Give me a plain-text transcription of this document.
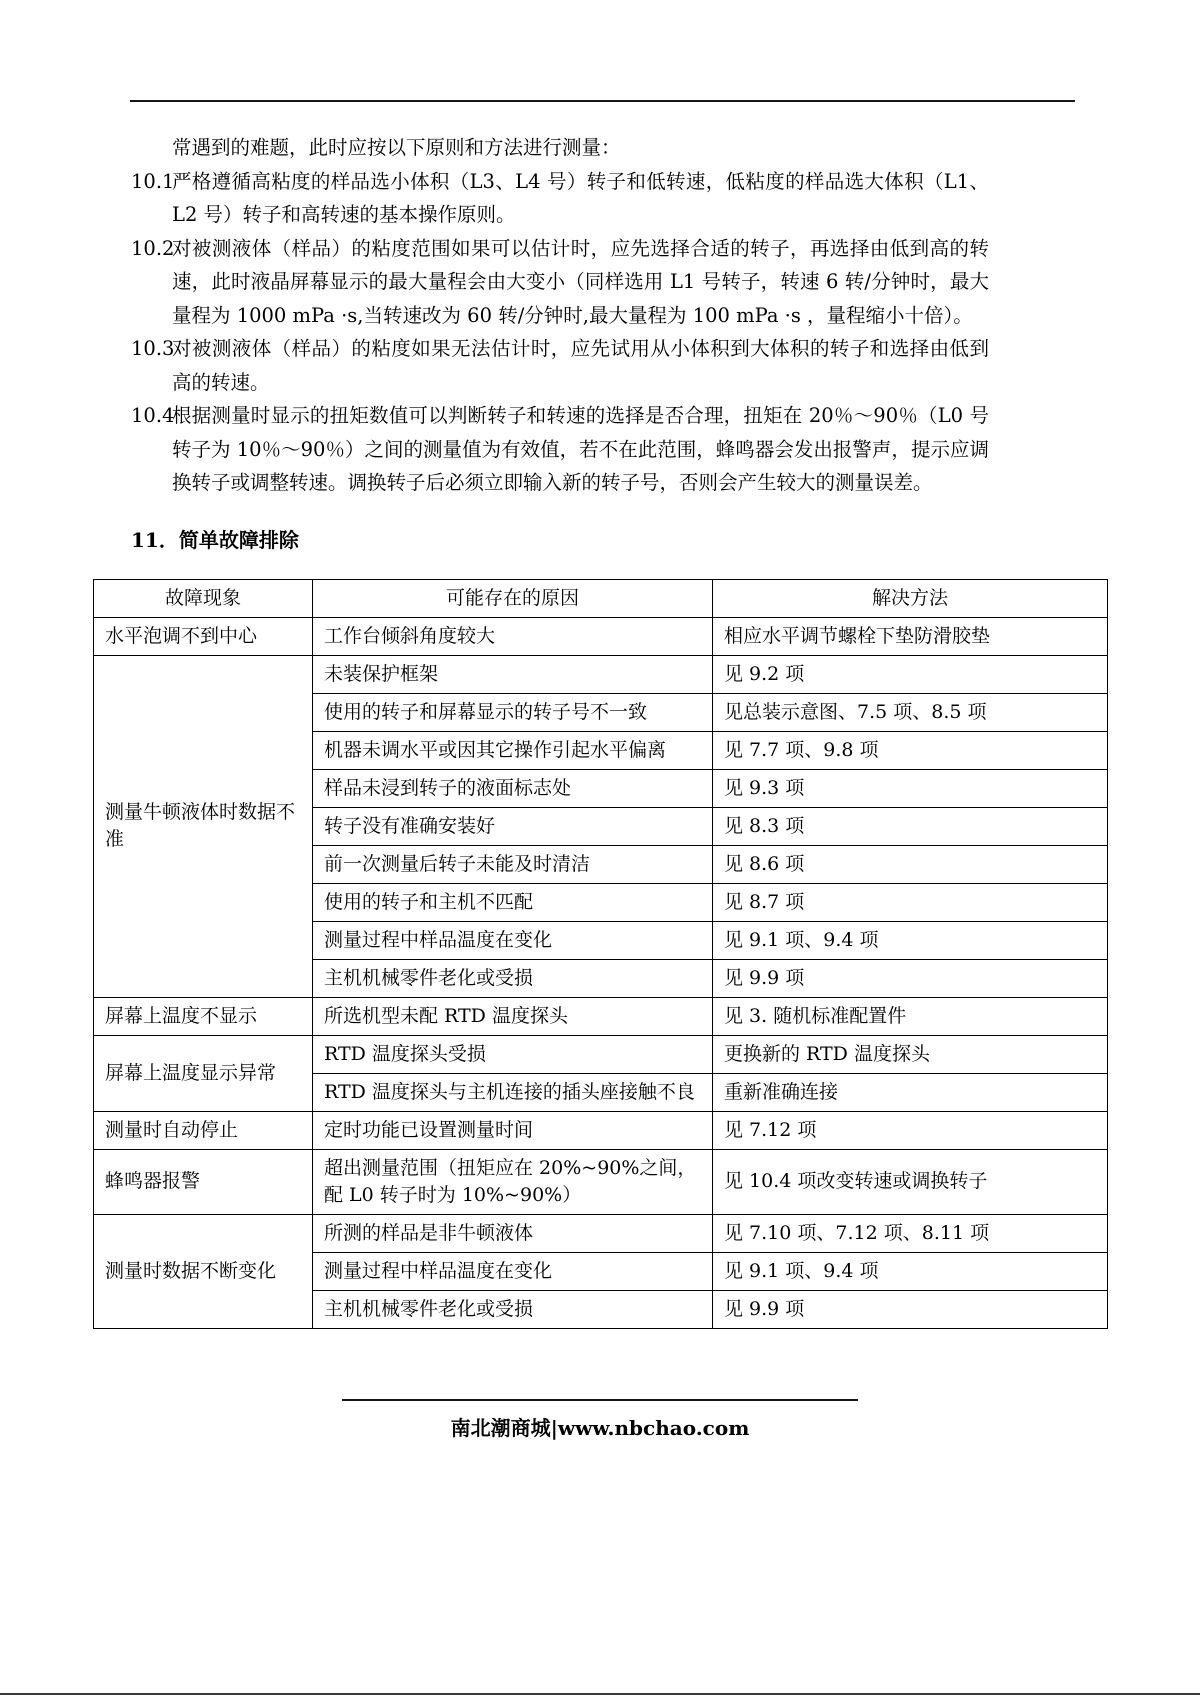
常遇到的难题，此时应按以下原则和方法进行测量：
10.1
严格遵循高粘度的样品选小体积（L3、L4 号）转子和低转速，低粘度的样品选大体积（L1、L2 号）转子和高转速的基本操作原则。
10.2
对被测液体（样品）的粘度范围如果可以估计时，应先选择合适的转子，再选择由低到高的转速，此时液晶屏幕显示的最大量程会由大变小（同样选用 L1 号转子，转速 6 转/分钟时，最大量程为 1000 mPa ·s,当转速改为 60 转/分钟时,最大量程为 100 mPa ·s ，量程缩小十倍）。
10.3
对被测液体（样品）的粘度如果无法估计时，应先试用从小体积到大体积的转子和选择由低到高的转速。
10.4
根据测量时显示的扭矩数值可以判断转子和转速的选择是否合理，扭矩在 20％～90％（L0 号转子为 10％～90％）之间的测量值为有效值，若不在此范围，蜂鸣器会发出报警声，提示应调换转子或调整转速。调换转子后必须立即输入新的转子号，否则会产生较大的测量误差。
11．简单故障排除
故障现象	可能存在的原因	解决方法
水平泡调不到中心	工作台倾斜角度较大	相应水平调节螺栓下垫防滑胶垫
测量牛顿液体时数据不准	未装保护框架	见 9.2 项
	使用的转子和屏幕显示的转子号不一致	见总装示意图、7.5 项、8.5 项
	机器未调水平或因其它操作引起水平偏离	见 7.7 项、9.8 项
	样品未浸到转子的液面标志处	见 9.3 项
	转子没有准确安装好	见 8.3 项
	前一次测量后转子未能及时清洁	见 8.6 项
	使用的转子和主机不匹配	见 8.7 项
	测量过程中样品温度在变化	见 9.1 项、9.4 项
	主机机械零件老化或受损	见 9.9 项
屏幕上温度不显示	所选机型未配 RTD 温度探头	见 3. 随机标准配置件
屏幕上温度显示异常	RTD 温度探头受损	更换新的 RTD 温度探头
	RTD 温度探头与主机连接的插头座接触不良	重新准确连接
测量时自动停止	定时功能已设置测量时间	见 7.12 项
蜂鸣器报警	超出测量范围（扭矩应在 20%~90%之间，配 L0 转子时为 10%~90%）	见 10.4 项改变转速或调换转子
测量时数据不断变化	所测的样品是非牛顿液体	见 7.10 项、7.12 项、8.11 项
	测量过程中样品温度在变化	见 9.1 项、9.4 项
	主机机械零件老化或受损	见 9.9 项
南北潮商城|www.nbchao.com
